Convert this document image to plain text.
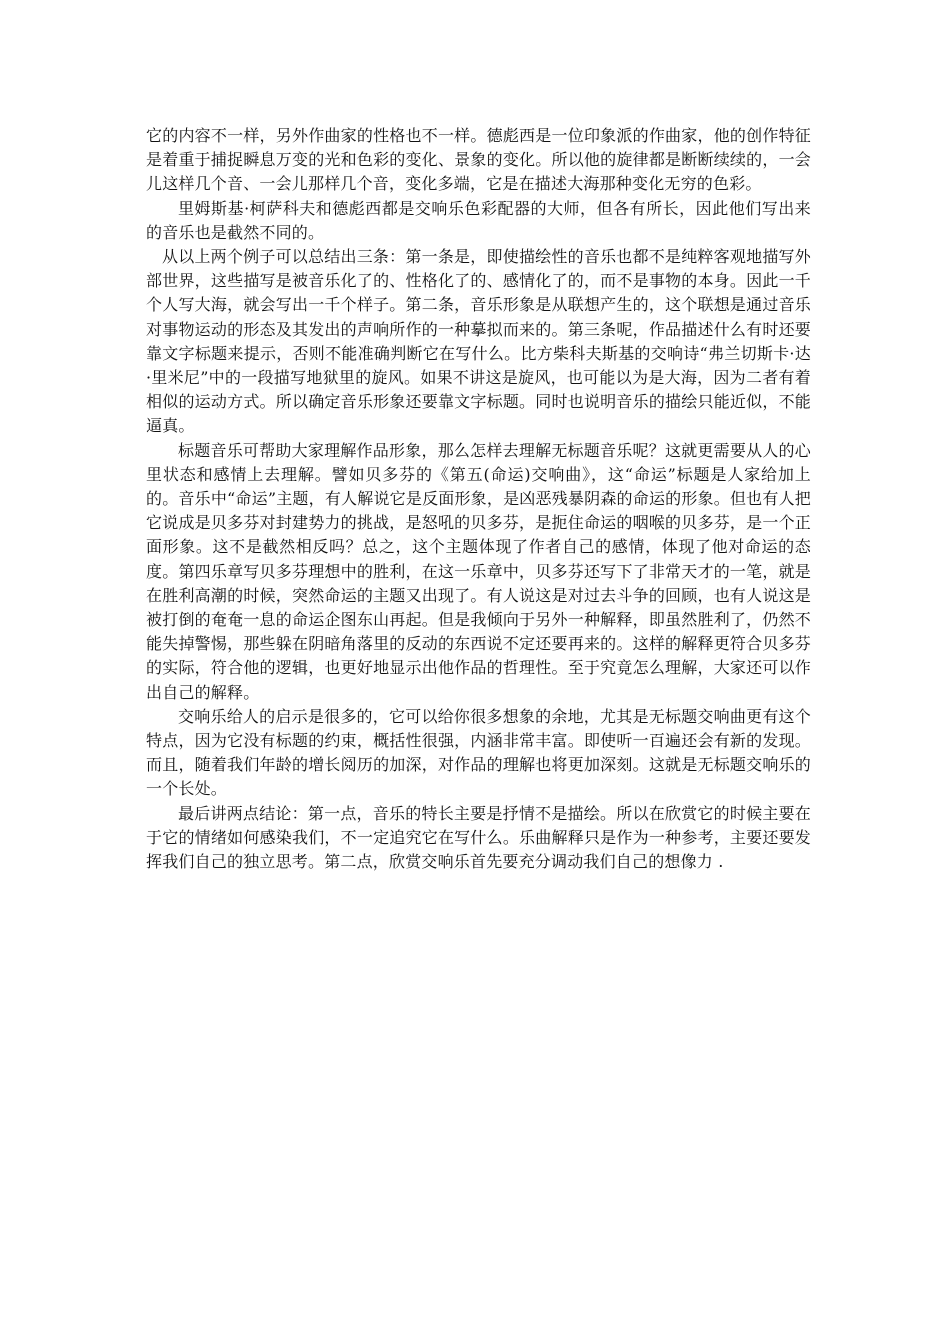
它的内容不一样，另外作曲家的性格也不一样。德彪西是一位印象派的作曲家，他的创作特征是着重于捕捉瞬息万变的光和色彩的变化、景象的变化。所以他的旋律都是断断续续的，一会儿这样几个音、一会儿那样几个音，变化多端，它是在描述大海那种变化无穷的色彩。

里姆斯基·柯萨科夫和德彪西都是交响乐色彩配器的大师，但各有所长，因此他们写出来的音乐也是截然不同的。

从以上两个例子可以总结出三条：第一条是，即使描绘性的音乐也都不是纯粹客观地描写外部世界，这些描写是被音乐化了的、性格化了的、感情化了的，而不是事物的本身。因此一千个人写大海，就会写出一千个样子。第二条，音乐形象是从联想产生的，这个联想是通过音乐对事物运动的形态及其发出的声响所作的一种摹拟而来的。第三条呢，作品描述什么有时还要靠文字标题来提示，否则不能准确判断它在写什么。比方柴科夫斯基的交响诗“弗兰切斯卡·达·里米尼”中的一段描写地狱里的旋风。如果不讲这是旋风，也可能以为是大海，因为二者有着相似的运动方式。所以确定音乐形象还要靠文字标题。同时也说明音乐的描绘只能近似，不能逼真。

标题音乐可帮助大家理解作品形象，那么怎样去理解无标题音乐呢？这就更需要从人的心里状态和感情上去理解。譬如贝多芬的《第五(命运)交响曲》，这“命运”标题是人家给加上的。音乐中“命运”主题，有人解说它是反面形象，是凶恶残暴阴森的命运的形象。但也有人把它说成是贝多芬对封建势力的挑战，是怒吼的贝多芬，是扼住命运的咽喉的贝多芬，是一个正面形象。这不是截然相反吗？总之，这个主题体现了作者自己的感情，体现了他对命运的态度。第四乐章写贝多芬理想中的胜利，在这一乐章中，贝多芬还写下了非常天才的一笔，就是在胜利高潮的时候，突然命运的主题又出现了。有人说这是对过去斗争的回顾，也有人说这是被打倒的奄奄一息的命运企图东山再起。但是我倾向于另外一种解释，即虽然胜利了，仍然不能失掉警惕，那些躲在阴暗角落里的反动的东西说不定还要再来的。这样的解释更符合贝多芬的实际，符合他的逻辑，也更好地显示出他作品的哲理性。至于究竟怎么理解，大家还可以作出自己的解释。

交响乐给人的启示是很多的，它可以给你很多想象的余地，尤其是无标题交响曲更有这个特点，因为它没有标题的约束，概括性很强，内涵非常丰富。即使听一百遍还会有新的发现。而且，随着我们年龄的增长阅历的加深，对作品的理解也将更加深刻。这就是无标题交响乐的一个长处。

最后讲两点结论：第一点，音乐的特长主要是抒情不是描绘。所以在欣赏它的时候主要在于它的情绪如何感染我们，不一定追究它在写什么。乐曲解释只是作为一种参考，主要还要发挥我们自己的独立思考。第二点，欣赏交响乐首先要充分调动我们自己的想像力 .
